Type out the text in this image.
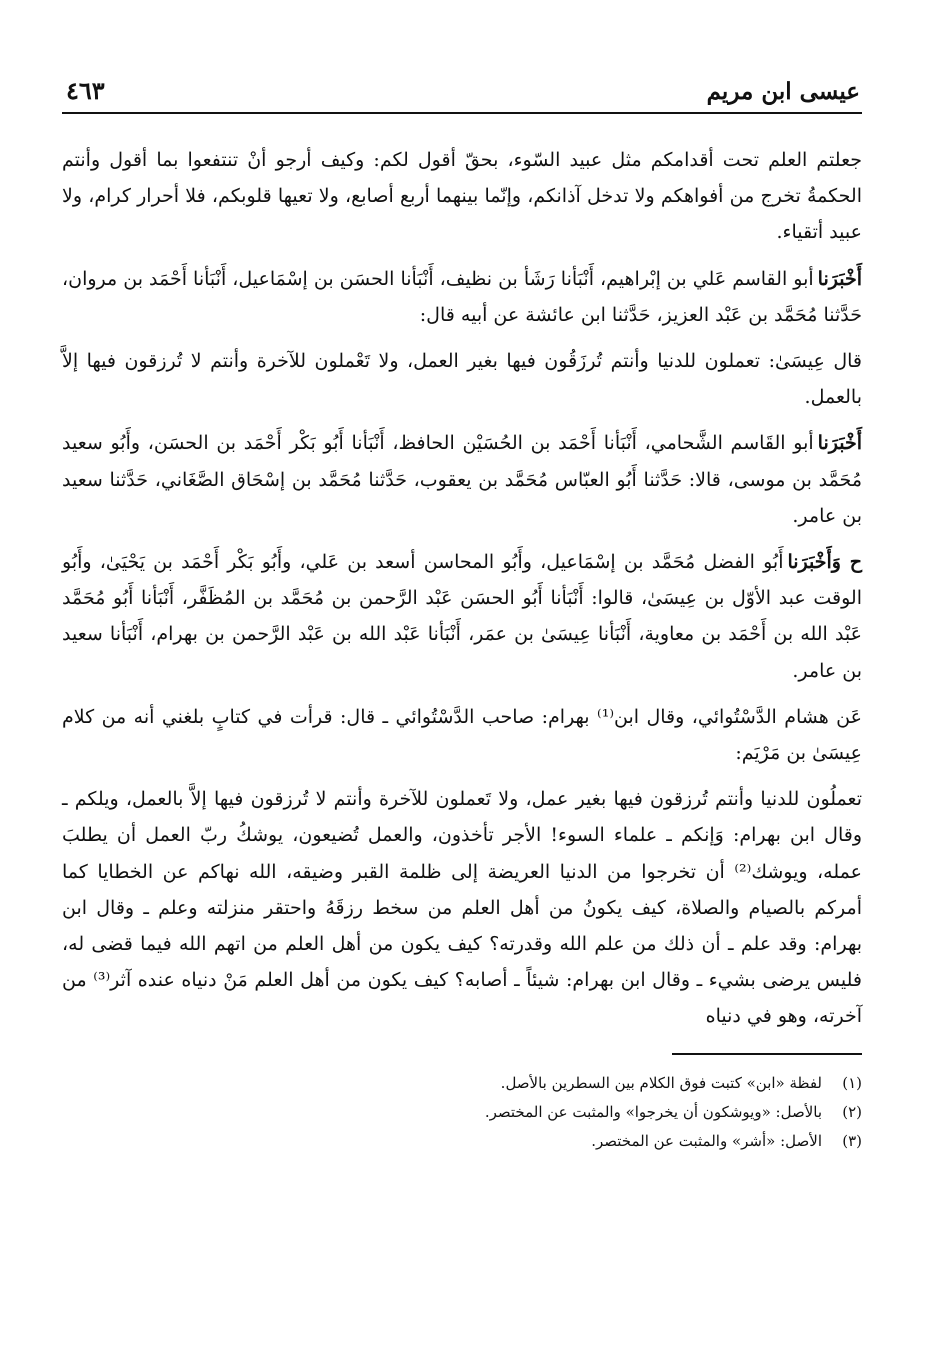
عيسى ابن مريم
٤٦٣

جعلتم العلم تحت أقدامكم مثل عبيد السّوء، بحقّ أقول لكم: وكيف أرجو أنْ تنتفعوا بما أقول وأنتم الحكمةُ تخرج من أفواهكم ولا تدخل آذانكم، وإنّما بينهما أربع أصابع، ولا تعيها قلوبكم، فلا أحرار كرام، ولا عبيد أتقياء.

أَخْبَرَناأبو القاسم عَلي بن إبْراهيم، أَنْبَأنا رَشَأ بن نظيف، أَنْبَأنا الحسَن بن إسْمَاعيل، أَنْبَأنا أَحْمَد بن مروان، حَدَّثنا مُحَمَّد بن عَبْد العزيز، حَدَّثنا ابن عائشة عن أبيه قال:

قال عِيسَىٰ: تعملون للدنيا وأنتم تُرزَقُون فيها بغير العمل، ولا تَعْملون للآخرة وأنتم لا تُرزقون فيها إلاَّ بالعمل.

أَخْبَرَناأبو القَاسم الشَّحامي، أَنْبَأنا أَحْمَد بن الحُسَيْن الحافظ، أَنْبَأنا أَبُو بَكْر أَحْمَد بن الحسَن، وأَبُو سعيد مُحَمَّد بن موسى، قالا: حَدَّثنا أَبُو العبّاس مُحَمَّد بن يعقوب، حَدَّثنا مُحَمَّد بن إسْحَاق الصَّغَاني، حَدَّثنا سعيد بن عامر.

ح وَأَخْبَرَناأَبُو الفضل مُحَمَّد بن إسْمَاعيل، وأَبُو المحاسن أسعد بن عَلي، وأَبُو بَكْر أَحْمَد بن يَحْيَىٰ، وأَبُو الوقت عبد الأوّل بن عِيسَىٰ، قالوا: أَنْبَأنا أَبُو الحسَن عَبْد الرَّحمن بن مُحَمَّد بن المُظَفَّر، أَنْبَأنا أَبُو مُحَمَّد عَبْد الله بن أَحْمَد بن معاوية، أَنْبَأنا عِيسَىٰ بن عمَر، أَنْبَأنا عَبْد الله بن عَبْد الرَّحمن بن بهرام، أَنْبَأنا سعيد بن عامر.

عَن هشام الدَّسْتُوائي، وقال ابن⁽¹⁾ بهرام: صاحب الدَّسْتُوائي ـ قال: قرأت في كتابٍ بلغني أنه من كلام عِيسَىٰ بن مَرْيَم:

تعملُون للدنيا وأنتم تُرزقون فيها بغير عمل، ولا تَعملون للآخرة وأنتم لا تُرزقون فيها إلاَّ بالعمل، ويلكم ـ وقال ابن بهرام: وَإنكم ـ علماء السوء! الأجر تأخذون، والعمل تُضيعون، يوشكُ ربّ العمل أن يطلبَ عمله، ويوشك⁽²⁾ أن تخرجوا من الدنيا العريضة إلى ظلمة القبر وضيقه، الله نهاكم عن الخطايا كما أمركم بالصيام والصلاة، كيف يكونُ من أهل العلم من سخط رزقَهُ واحتقر منزلته وعلم ـ وقال ابن بهرام: وقد علم ـ أن ذلك من علم الله وقدرته؟ كيف يكون من أهل العلم من اتهم الله فيما قضى له، فليس يرضى بشيء ـ وقال ابن بهرام: شيئاً ـ أصابه؟ كيف يكون من أهل العلم مَنْ دنياه عنده آثر⁽³⁾ من آخرته، وهو في دنياه

(١)
لفظة «ابن» كتبت فوق الكلام بين السطرين بالأصل.
(٢)
بالأصل: «ويوشكون أن يخرجوا» والمثبت عن المختصر.
(٣)
الأصل: «أشر» والمثبت عن المختصر.
